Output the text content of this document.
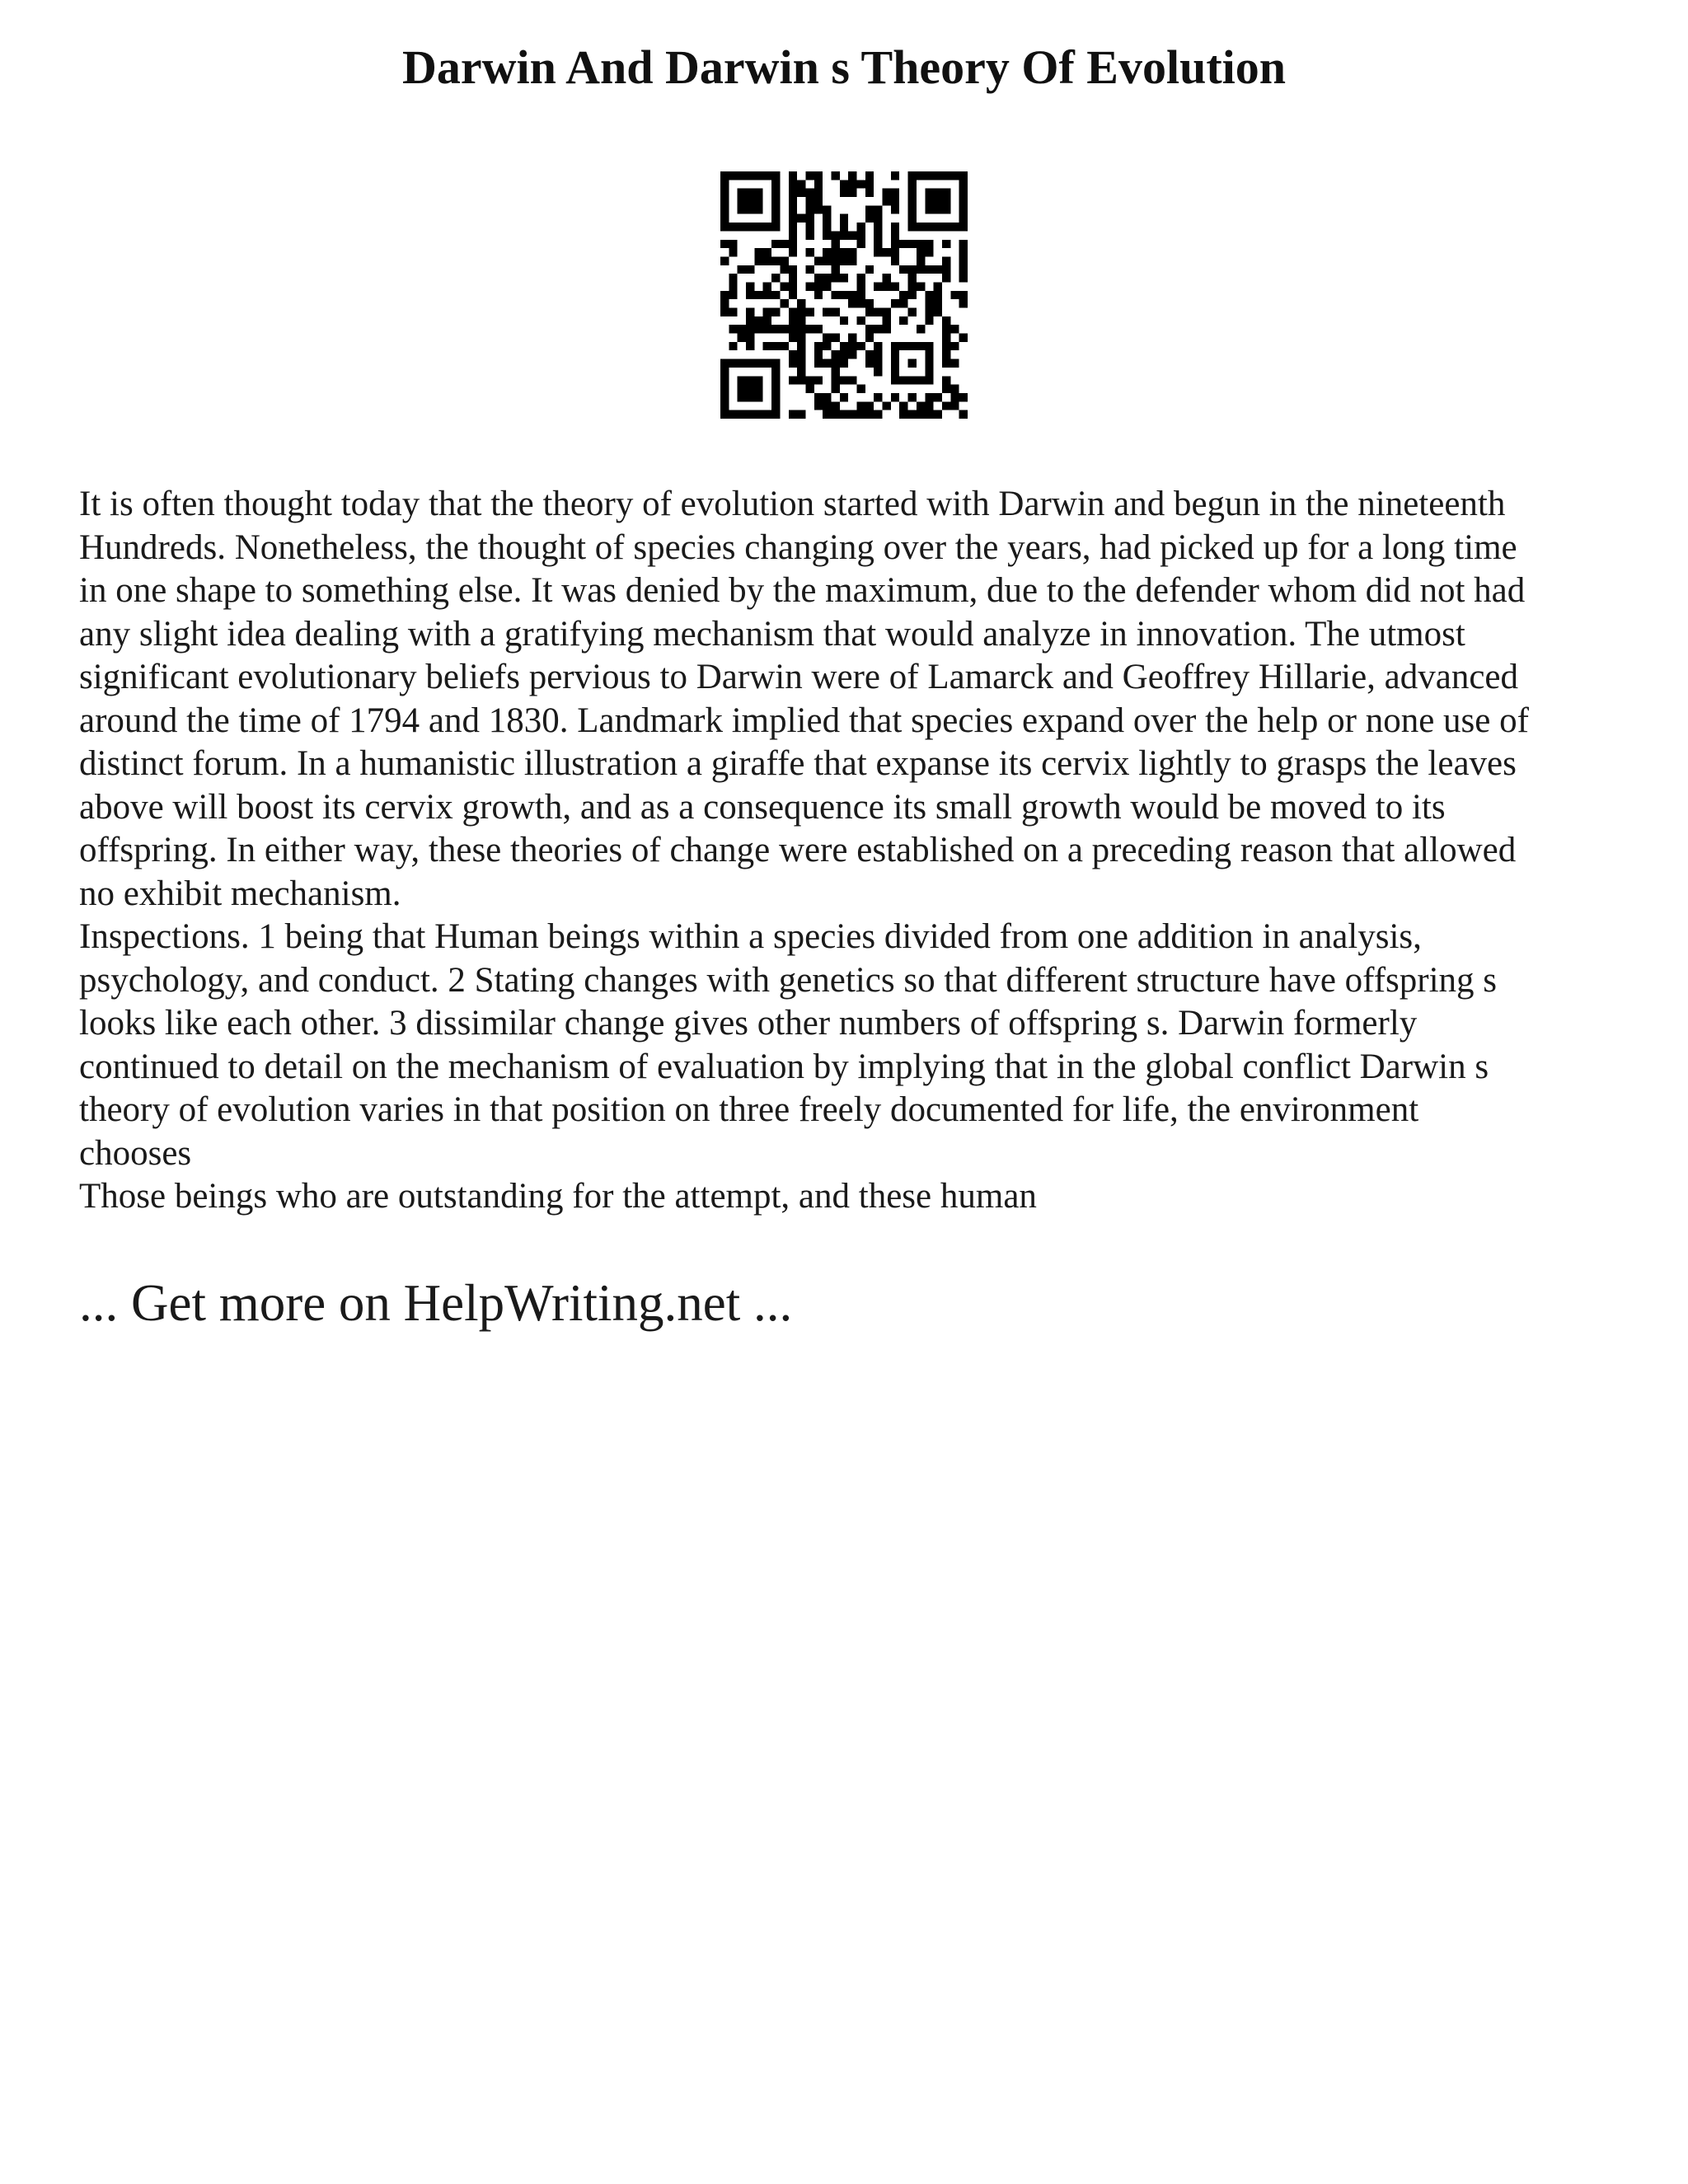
Darwin And Darwin s Theory Of Evolution
It is often thought today that the theory of evolution started with Darwin and begun in the nineteenth
Hundreds. Nonetheless, the thought of species changing over the years, had picked up for a long time
in one shape to something else. It was denied by the maximum, due to the defender whom did not had
any slight idea dealing with a gratifying mechanism that would analyze in innovation. The utmost
significant evolutionary beliefs pervious to Darwin were of Lamarck and Geoffrey Hillarie, advanced
around the time of 1794 and 1830. Landmark implied that species expand over the help or none use of
distinct forum. In a humanistic illustration a giraffe that expanse its cervix lightly to grasps the leaves
above will boost its cervix growth, and as a consequence its small growth would be moved to its
offspring. In either way, these theories of change were established on a preceding reason that allowed
no exhibit mechanism.
Inspections. 1 being that Human beings within a species divided from one addition in analysis,
psychology, and conduct. 2 Stating changes with genetics so that different structure have offspring s
looks like each other. 3 dissimilar change gives other numbers of offspring s. Darwin formerly
continued to detail on the mechanism of evaluation by implying that in the global conflict Darwin s
theory of evolution varies in that position on three freely documented for life, the environment
chooses
Those beings who are outstanding for the attempt, and these human
... Get more on HelpWriting.net ...
